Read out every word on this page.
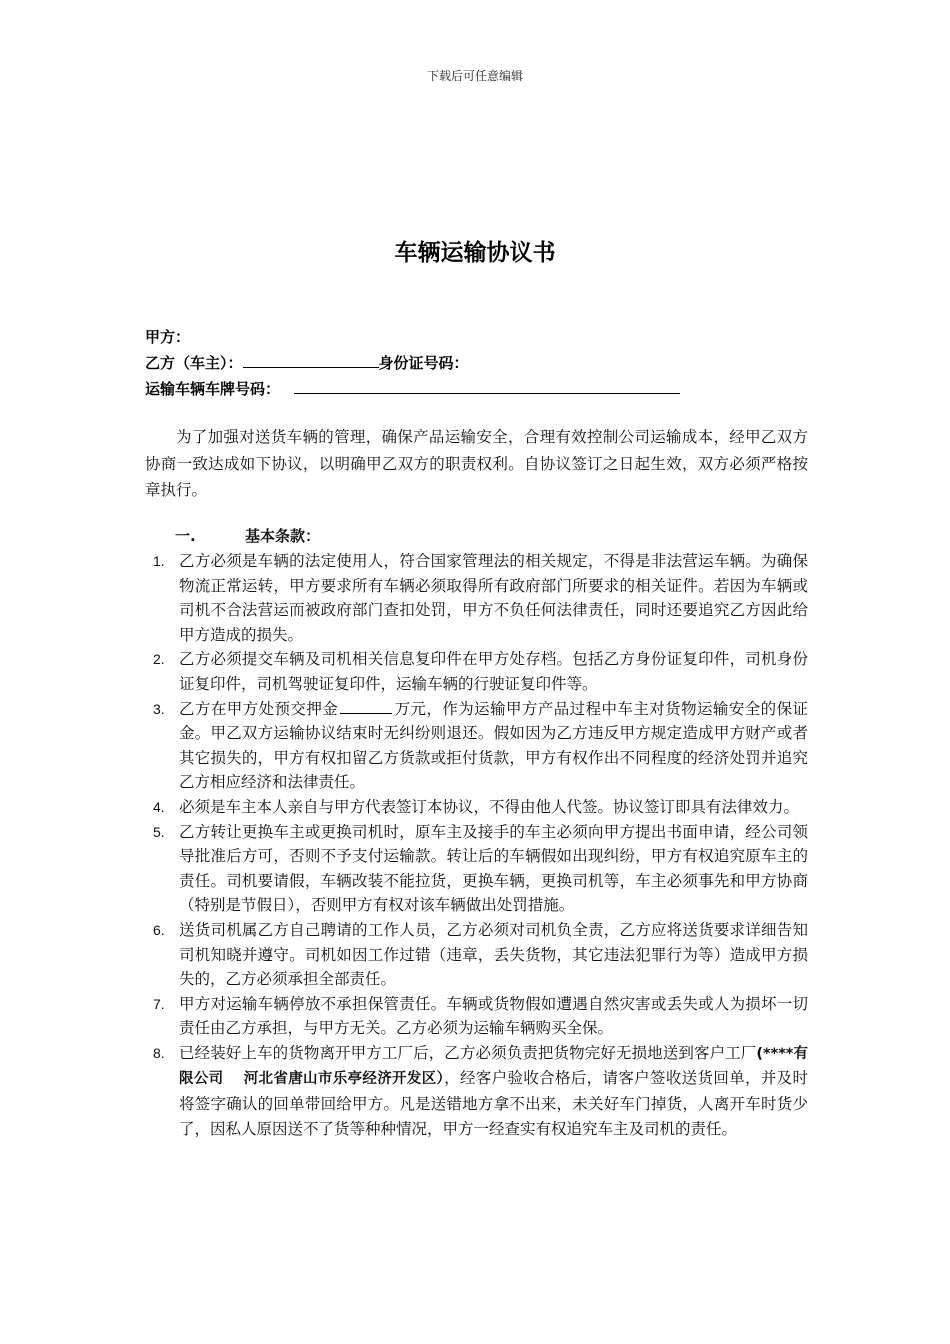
下载后可任意编辑
车辆运输协议书
甲方：
乙方（车主）：	身份证号码：
运输车辆车牌号码：

为了加强对送货车辆的管理，确保产品运输安全，合理有效控制公司运输成本，经甲乙双方协商一致达成如下协议，以明确甲乙双方的职责权利。自协议签订之日起生效，双方必须严格按章执行。

一.	基本条款：
1. 乙方必须是车辆的法定使用人，符合国家管理法的相关规定，不得是非法营运车辆。为确保物流正常运转，甲方要求所有车辆必须取得所有政府部门所要求的相关证件。若因为车辆或司机不合法营运而被政府部门查扣处罚，甲方不负任何法律责任，同时还要追究乙方因此给甲方造成的损失。
2. 乙方必须提交车辆及司机相关信息复印件在甲方处存档。包括乙方身份证复印件，司机身份证复印件，司机驾驶证复印件，运输车辆的行驶证复印件等。
3. 乙方在甲方处预交押金	万元，作为运输甲方产品过程中车主对货物运输安全的保证金。甲乙双方运输协议结束时无纠纷则退还。假如因为乙方违反甲方规定造成甲方财产或者其它损失的，甲方有权扣留乙方货款或拒付货款，甲方有权作出不同程度的经济处罚并追究乙方相应经济和法律责任。
4. 必须是车主本人亲自与甲方代表签订本协议，不得由他人代签。协议签订即具有法律效力。
5. 乙方转让更换车主或更换司机时，原车主及接手的车主必须向甲方提出书面申请，经公司领导批准后方可，否则不予支付运输款。转让后的车辆假如出现纠纷，甲方有权追究原车主的责任。司机要请假，车辆改装不能拉货，更换车辆，更换司机等，车主必须事先和甲方协商（特别是节假日），否则甲方有权对该车辆做出处罚措施。
6. 送货司机属乙方自己聘请的工作人员，乙方必须对司机负全责，乙方应将送货要求详细告知司机知晓并遵守。司机如因工作过错（违章，丢失货物，其它违法犯罪行为等）造成甲方损失的，乙方必须承担全部责任。
7. 甲方对运输车辆停放不承担保管责任。车辆或货物假如遭遇自然灾害或丢失或人为损坏一切责任由乙方承担，与甲方无关。乙方必须为运输车辆购买全保。
8. 已经装好上车的货物离开甲方工厂后，乙方必须负责把货物完好无损地送到客户工厂(****有限公司　 河北省唐山市乐亭经济开发区），经客户验收合格后，请客户签收送货回单，并及时将签字确认的回单带回给甲方。凡是送错地方拿不出来，未关好车门掉货，人离开车时货少了，因私人原因送不了货等种种情况，甲方一经查实有权追究车主及司机的责任。
